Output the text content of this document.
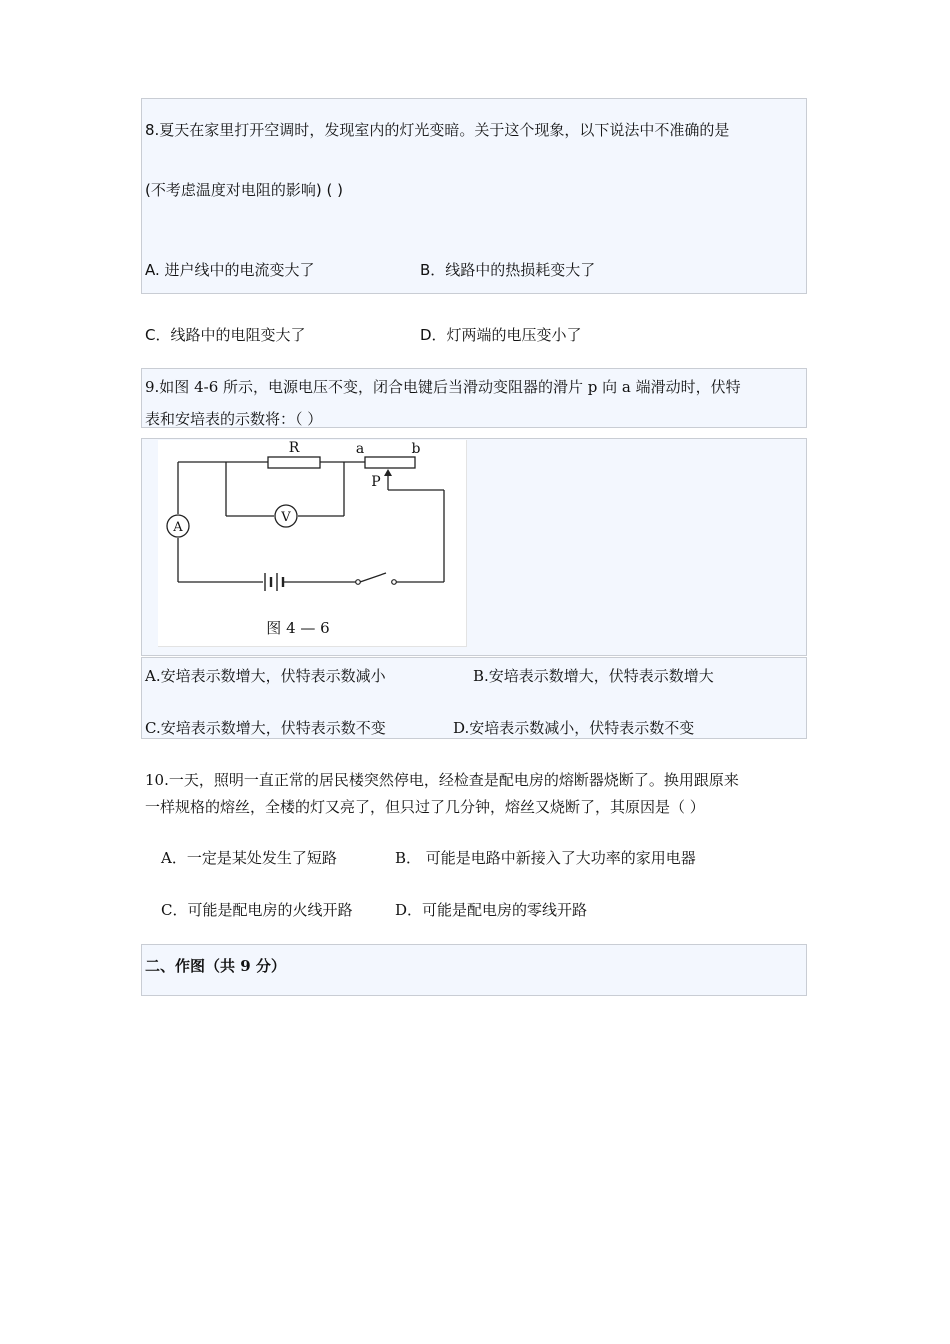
8.夏天在家里打开空调时，发现室内的灯光变暗。关于这个现象，以下说法中不准确的是
(不考虑温度对电阻的影响) ( )
A. 进户线中的电流变大了	B．线路中的热损耗变大了
C．线路中的电阻变大了	D．灯两端的电压变小了
9.如图 4-6 所示，电源电压不变，闭合电键后当滑动变阻器的滑片 p 向 a 端滑动时，伏特
表和安培表的示数将：（ ）
A
V
R	a	b
P
图 4 — 6
A.安培表示数增大，伏特表示数减小	B.安培表示数增大，伏特表示数增大
C.安培表示数增大，伏特表示数不变	D.安培表示数减小，伏特表示数不变
10.一天，照明一直正常的居民楼突然停电，经检查是配电房的熔断器烧断了。换用跟原来
一样规格的熔丝，全楼的灯又亮了，但只过了几分钟，熔丝又烧断了，其原因是（ ）
A．一定是某处发生了短路	B． 可能是电路中新接入了大功率的家用电器
C．可能是配电房的火线开路	D．可能是配电房的零线开路
二、作图（共 9 分）
